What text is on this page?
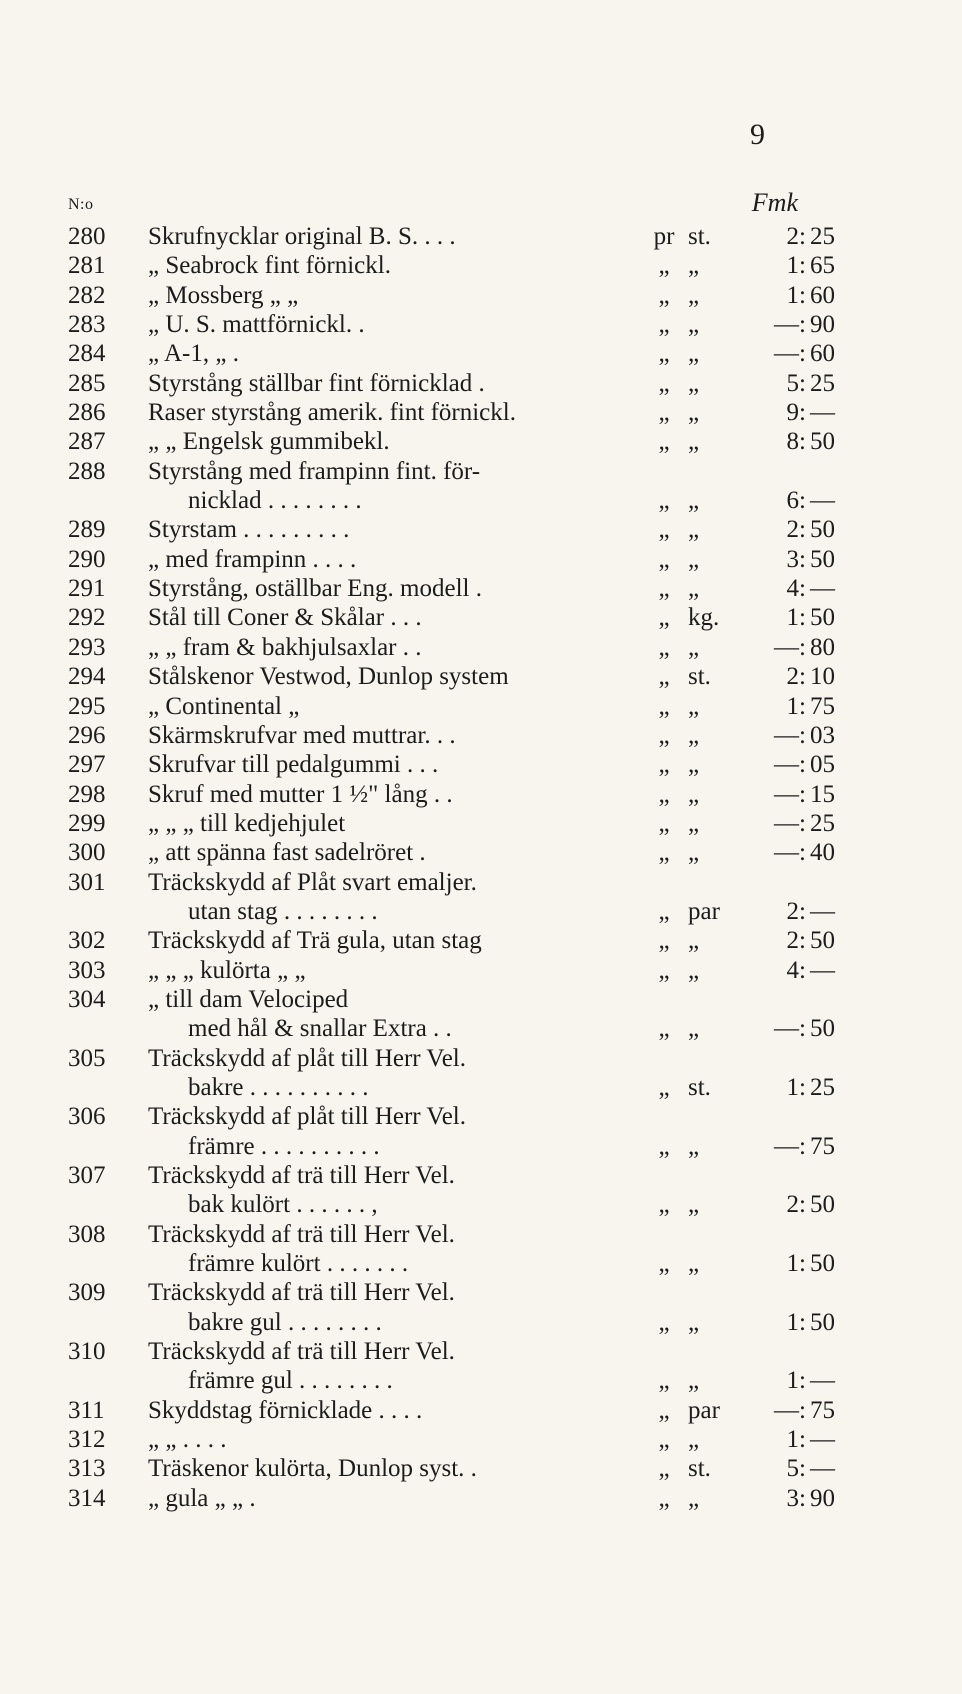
9
N:o	Fmk
280	Skrufnycklar original B. S. . . .	pr st.	2: 25
281	„ Seabrock fint förnickl.	„ „	1: 65
282	„ Mossberg „ „	„ „	1: 60
283	„ U. S. mattförnickl. .	„ „	—: 90
284	„ A-1, „ .	„ „	—: 60
285	Styrstång ställbar fint förnicklad .	„ „	5: 25
286	Raser styrstång amerik. fint förnickl.	„ „	9: —
287	„ „ Engelsk gummibekl.	„ „	8: 50
288	Styrstång med frampinn fint. för-
nicklad . . . . . . . .	„ „	6: —
289	Styrstam . . . . . . . . .	„ „	2: 50
290	„ med frampinn . . . .	„ „	3: 50
291	Styrstång, oställbar Eng. modell .	„ „	4: —
292	Stål till Coner & Skålar . . .	„ kg.	1: 50
293	„ „ fram & bakhjulsaxlar . .	„ „	—: 80
294	Stålskenor Vestwod, Dunlop system	„ st.	2: 10
295	„ Continental „	„ „	1: 75
296	Skärmskrufvar med muttrar. . .	„ „	—: 03
297	Skrufvar till pedalgummi . . .	„ „	—: 05
298	Skruf med mutter 1 ½" lång . .	„ „	—: 15
299	„ „ „ till kedjehjulet	„ „	—: 25
300	„ att spänna fast sadelröret .	„ „	—: 40
301	Träckskydd af Plåt svart emaljer.
utan stag . . . . . . . .	„ par	2: —
302	Träckskydd af Trä gula, utan stag	„ „	2: 50
303	„ „ „ kulörta „ „	„ „	4: —
304	„ till dam Velociped
med hål & snallar Extra . .	„ „	—: 50
305	Träckskydd af plåt till Herr Vel.
bakre . . . . . . . . . .	„ st.	1: 25
306	Träckskydd af plåt till Herr Vel.
främre . . . . . . . . . .	„ „	—: 75
307	Träckskydd af trä till Herr Vel.
bak kulört . . . . . . ,	„ „	2: 50
308	Träckskydd af trä till Herr Vel.
främre kulört . . . . . . .	„ „	1: 50
309	Träckskydd af trä till Herr Vel.
bakre gul . . . . . . . .	„ „	1: 50
310	Träckskydd af trä till Herr Vel.
främre gul . . . . . . . .	„ „	1: —
311	Skyddstag förnicklade . . . .	„ par	—: 75
312	„ „ . . . .	„ „	1: —
313	Träskenor kulörta, Dunlop syst. .	„ st.	5: —
314	„ gula „ „ .	„ „	3: 90
